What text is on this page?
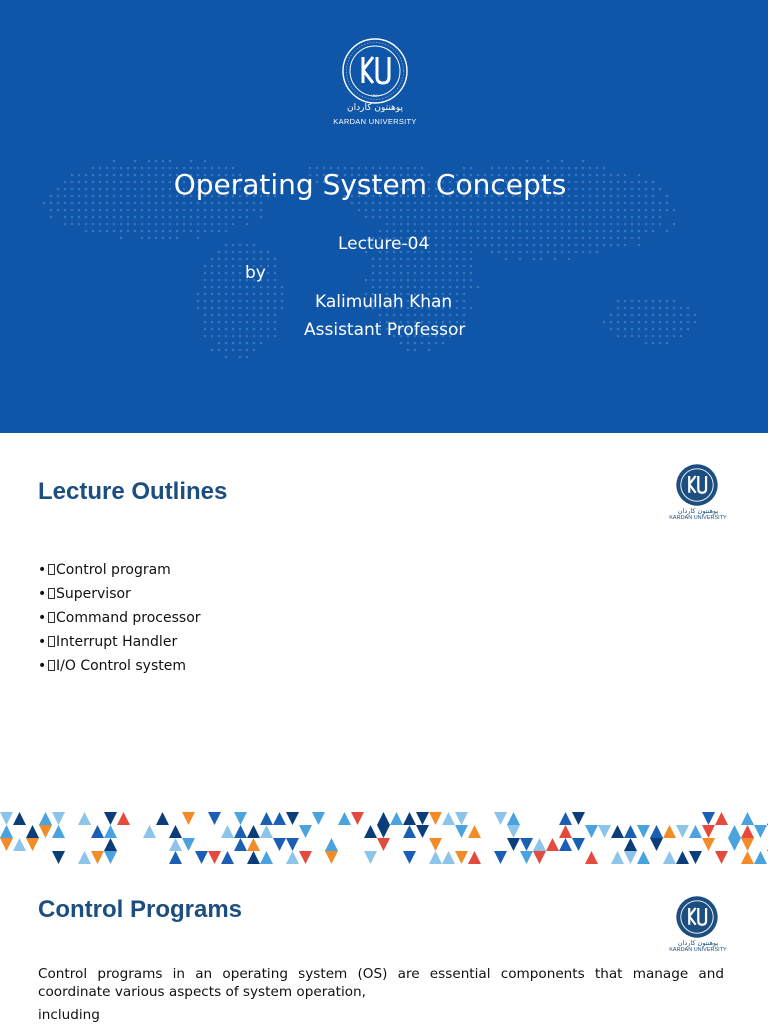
۱۳۸۱
پوهنتون کاردان
KARDAN UNIVERSITY
Operating System Concepts
Lecture-04
by
Kalimullah Khan
Assistant Professor
Lecture Outlines
پوهنتون کاردان
KARDAN UNIVERSITY
• Control program
• Supervisor
• Command processor
• Interrupt Handler
• I/O Control system
Control Programs
پوهنتون کاردان
KARDAN UNIVERSITY
Control programs in an operating system (OS) are essential components that manage and coordinate various aspects of system operation,
including
